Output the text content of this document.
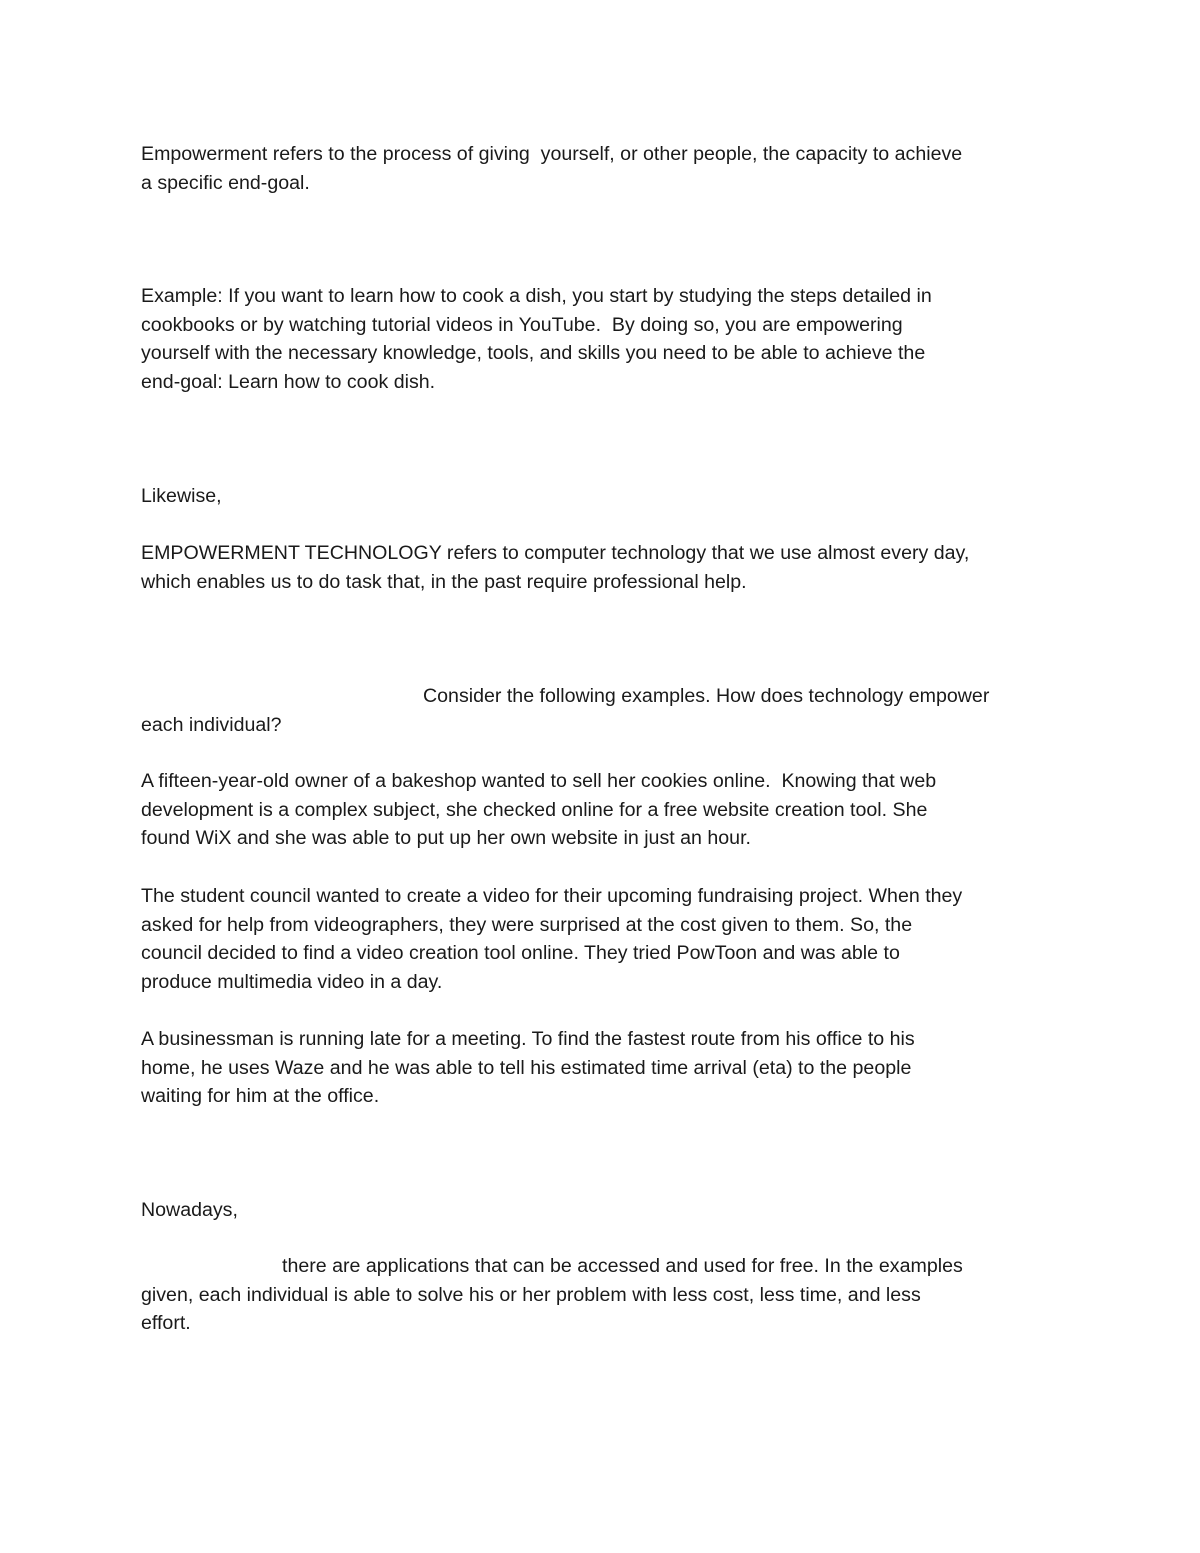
Empowerment refers to the process of giving  yourself, or other people, the capacity to achieve
a specific end-goal.

Example: If you want to learn how to cook a dish, you start by studying the steps detailed in
cookbooks or by watching tutorial videos in YouTube.  By doing so, you are empowering
yourself with the necessary knowledge, tools, and skills you need to be able to achieve the
end-goal: Learn how to cook dish.

Likewise,

EMPOWERMENT TECHNOLOGY refers to computer technology that we use almost every day,
which enables us to do task that, in the past require professional help.

Consider the following examples. How does technology empower
each individual?

A fifteen-year-old owner of a bakeshop wanted to sell her cookies online.  Knowing that web
development is a complex subject, she checked online for a free website creation tool. She
found WiX and she was able to put up her own website in just an hour.

The student council wanted to create a video for their upcoming fundraising project. When they
asked for help from videographers, they were surprised at the cost given to them. So, the
council decided to find a video creation tool online. They tried PowToon and was able to
produce multimedia video in a day.

A businessman is running late for a meeting. To find the fastest route from his office to his
home, he uses Waze and he was able to tell his estimated time arrival (eta) to the people
waiting for him at the office.

Nowadays,

there are applications that can be accessed and used for free. In the examples
given, each individual is able to solve his or her problem with less cost, less time, and less
effort.
